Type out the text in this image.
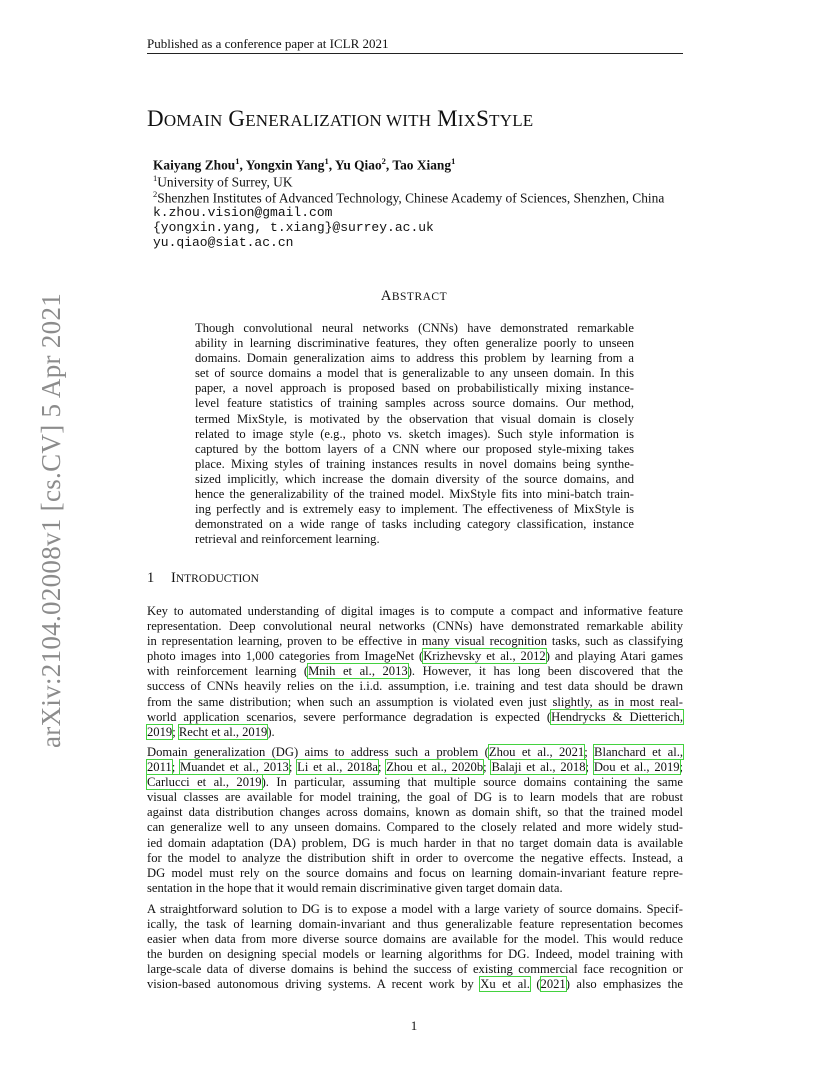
Published as a conference paper at ICLR 2021
arXiv:2104.02008v1 [cs.CV] 5 Apr 2021
DOMAIN GENERALIZATION WITH MIXSTYLE
Kaiyang Zhou$^1$, Yongxin Yang$^1$, Yu Qiao$^2$, Tao Xiang$^1$
$^1$University of Surrey, UK
$^2$Shenzhen Institutes of Advanced Technology, Chinese Academy of Sciences, Shenzhen, China
k.zhou.vision@gmail.com
{yongxin.yang, t.xiang}@surrey.ac.uk
yu.qiao@siat.ac.cn
ABSTRACT
Though convolutional neural networks (CNNs) have demonstrated remarkable
ability in learning discriminative features, they often generalize poorly to unseen
domains. Domain generalization aims to address this problem by learning from a
set of source domains a model that is generalizable to any unseen domain. In this
paper, a novel approach is proposed based on probabilistically mixing instance-
level feature statistics of training samples across source domains. Our method,
termed MixStyle, is motivated by the observation that visual domain is closely
related to image style (e.g., photo vs. sketch images). Such style information is
captured by the bottom layers of a CNN where our proposed style-mixing takes
place. Mixing styles of training instances results in novel domains being synthe-
sized implicitly, which increase the domain diversity of the source domains, and
hence the generalizability of the trained model. MixStyle fits into mini-batch train-
ing perfectly and is extremely easy to implement. The effectiveness of MixStyle is
demonstrated on a wide range of tasks including category classification, instance
retrieval and reinforcement learning.
1 INTRODUCTION
Key to automated understanding of digital images is to compute a compact and informative feature
representation. Deep convolutional neural networks (CNNs) have demonstrated remarkable ability
in representation learning, proven to be effective in many visual recognition tasks, such as classifying
photo images into 1,000 categories from ImageNet (Krizhevsky et al., 2012) and playing Atari games
with reinforcement learning (Mnih et al., 2013). However, it has long been discovered that the
success of CNNs heavily relies on the i.i.d. assumption, i.e. training and test data should be drawn
from the same distribution; when such an assumption is violated even just slightly, as in most real-
world application scenarios, severe performance degradation is expected (Hendrycks & Dietterich,
2019; Recht et al., 2019).
Domain generalization (DG) aims to address such a problem (Zhou et al., 2021; Blanchard et al.,
2011; Muandet et al., 2013; Li et al., 2018a; Zhou et al., 2020b; Balaji et al., 2018; Dou et al., 2019;
Carlucci et al., 2019). In particular, assuming that multiple source domains containing the same
visual classes are available for model training, the goal of DG is to learn models that are robust
against data distribution changes across domains, known as domain shift, so that the trained model
can generalize well to any unseen domains. Compared to the closely related and more widely stud-
ied domain adaptation (DA) problem, DG is much harder in that no target domain data is available
for the model to analyze the distribution shift in order to overcome the negative effects. Instead, a
DG model must rely on the source domains and focus on learning domain-invariant feature repre-
sentation in the hope that it would remain discriminative given target domain data.
A straightforward solution to DG is to expose a model with a large variety of source domains. Specif-
ically, the task of learning domain-invariant and thus generalizable feature representation becomes
easier when data from more diverse source domains are available for the model. This would reduce
the burden on designing special models or learning algorithms for DG. Indeed, model training with
large-scale data of diverse domains is behind the success of existing commercial face recognition or
vision-based autonomous driving systems. A recent work by Xu et al. (2021) also emphasizes the
1
